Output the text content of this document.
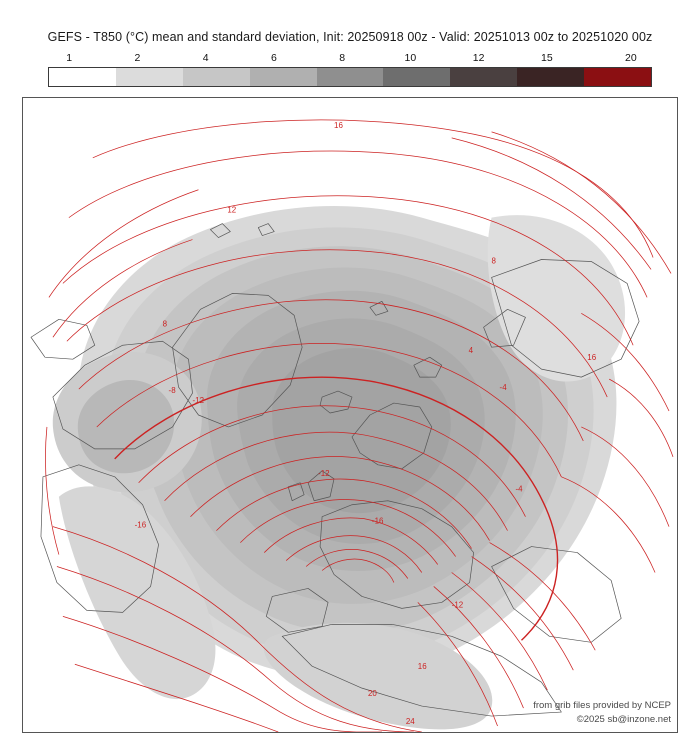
GEFS - T850 (°C) mean and standard deviation, Init: 20250918 00z - Valid: 20251013 00z to 20251020 00z
1	2	4	6	8	10	12	15	20
16
12
8
8
4
-4
16
-8
-12
-12
-16
-4
-16
-12
16
20
24
from grib files provided by NCEP
©2025 sb@inzone.net
